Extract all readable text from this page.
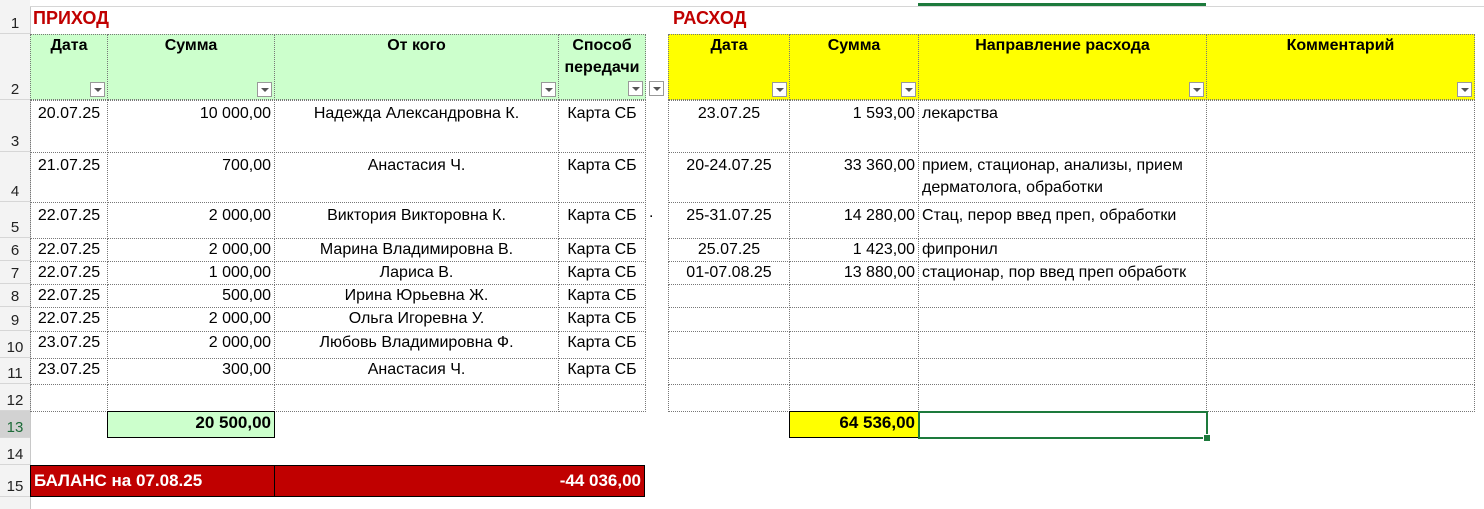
1
2
3
4
5
6
7
8
9
10
11
12
13
14
15
ПРИХОД	РАСХОД
Дата	Сумма	От кого	Способ передачи
Дата	Сумма	Направление расхода	Комментарий
20.07.25	10 000,00	Надежда Александровна К.	Карта СБ
21.07.25	700,00	Анастасия Ч.	Карта СБ
22.07.25	2 000,00	Виктория Викторовна К.	Карта СБ .
22.07.25	2 000,00	Марина Владимировна В.	Карта СБ
22.07.25	1 000,00	Лариса В.	Карта СБ
22.07.25	500,00	Ирина Юрьевна Ж.	Карта СБ
22.07.25	2 000,00	Ольга Игоревна У.	Карта СБ
23.07.25	2 000,00	Любовь Владимировна Ф.	Карта СБ
23.07.25	300,00	Анастасия Ч.	Карта СБ
20 500,00
23.07.25	1 593,00 лекарства
20-24.07.25	33 360,00 прием, стационар, анализы, прием дерматолога, обработки
25-31.07.25	14 280,00 Стац, перор введ преп, обработки
25.07.25	1 423,00 фипронил
01-07.08.25	13 880,00 стационар, пор введ преп обработк
64 536,00
БАЛАНС на 07.08.25	-44 036,00
